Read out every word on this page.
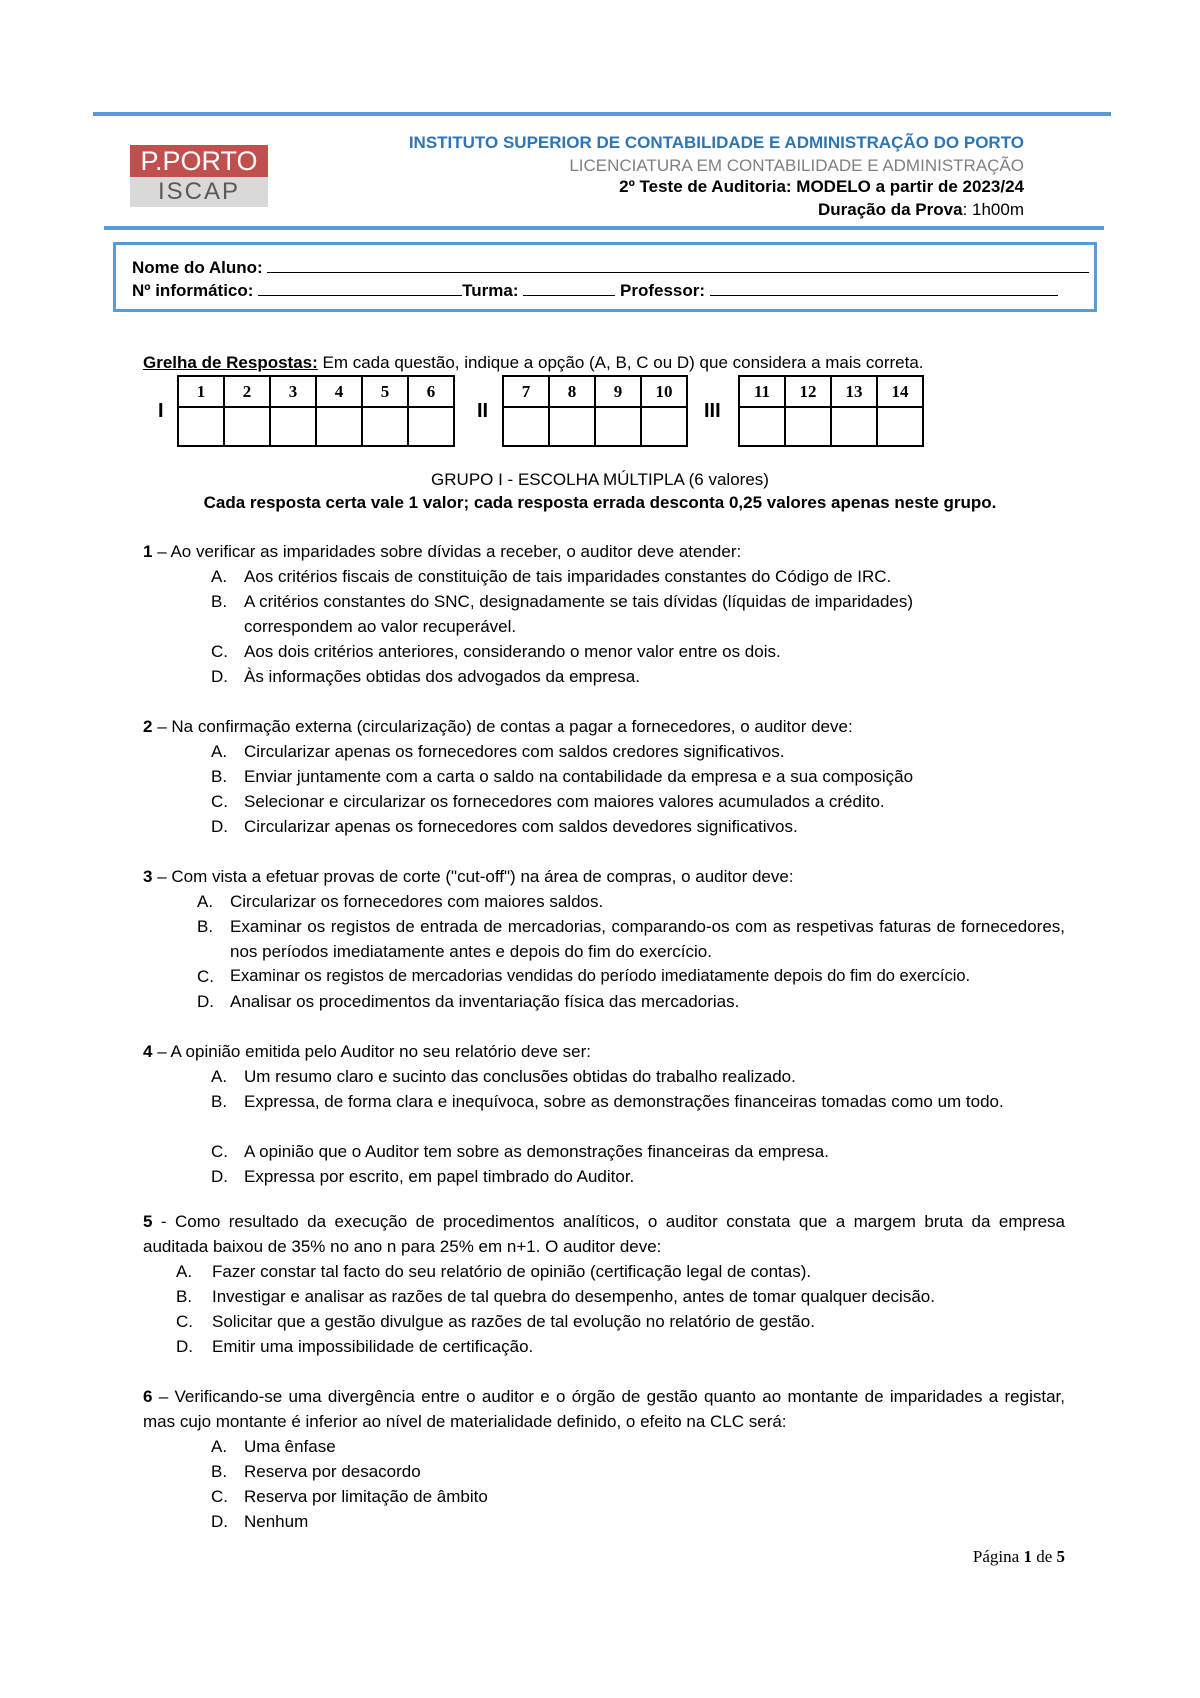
P.PORTO
ISCAP
INSTITUTO SUPERIOR DE CONTABILIDADE E ADMINISTRAÇÃO DO PORTO
LICENCIATURA EM CONTABILIDADE E ADMINISTRAÇÃO
2º Teste de Auditoria: MODELO a partir de 2023/24
Duração da Prova: 1h00m
Nome do Aluno:
Nº informático:	Turma:	Professor:
Grelha de Respostas: Em cada questão, indique a opção (A, B, C ou D) que considera a mais correta.
I
1	2	3	4	5	6

II
7	8	9	10

III
11	12	13	14

GRUPO I - ESCOLHA MÚLTIPLA (6 valores)
Cada resposta certa vale 1 valor; cada resposta errada desconta 0,25 valores apenas neste grupo.
1 – Ao verificar as imparidades sobre dívidas a receber, o auditor deve atender:
A. Aos critérios fiscais de constituição de tais imparidades constantes do Código de IRC.
B. A critérios constantes do SNC, designadamente se tais dívidas (líquidas de imparidades) correspondem ao valor recuperável.
C. Aos dois critérios anteriores, considerando o menor valor entre os dois.
D. Às informações obtidas dos advogados da empresa.
2 – Na confirmação externa (circularização) de contas a pagar a fornecedores, o auditor deve:
A. Circularizar apenas os fornecedores com saldos credores significativos.
B. Enviar juntamente com a carta o saldo na contabilidade da empresa e a sua composição
C. Selecionar e circularizar os fornecedores com maiores valores acumulados a crédito.
D. Circularizar apenas os fornecedores com saldos devedores significativos.
3 – Com vista a efetuar provas de corte ("cut-off") na área de compras, o auditor deve:
A. Circularizar os fornecedores com maiores saldos.
B. Examinar os registos de entrada de mercadorias, comparando-os com as respetivas faturas de fornecedores, nos períodos imediatamente antes e depois do fim do exercício.
C. Examinar os registos de mercadorias vendidas do período imediatamente depois do fim do exercício.
D. Analisar os procedimentos da inventariação física das mercadorias.
4 – A opinião emitida pelo Auditor no seu relatório deve ser:
A. Um resumo claro e sucinto das conclusões obtidas do trabalho realizado.
B. Expressa, de forma clara e inequívoca, sobre as demonstrações financeiras tomadas como um todo.
C. A opinião que o Auditor tem sobre as demonstrações financeiras da empresa.
D. Expressa por escrito, em papel timbrado do Auditor.
5 - Como resultado da execução de procedimentos analíticos, o auditor constata que a margem bruta da empresa auditada baixou de 35% no ano n para 25% em n+1. O auditor deve:
A. Fazer constar tal facto do seu relatório de opinião (certificação legal de contas).
B. Investigar e analisar as razões de tal quebra do desempenho, antes de tomar qualquer decisão.
C. Solicitar que a gestão divulgue as razões de tal evolução no relatório de gestão.
D. Emitir uma impossibilidade de certificação.
6 – Verificando-se uma divergência entre o auditor e o órgão de gestão quanto ao montante de imparidades a registar, mas cujo montante é inferior ao nível de materialidade definido, o efeito na CLC será:
A. Uma ênfase
B. Reserva por desacordo
C. Reserva por limitação de âmbito
D. Nenhum
Página 1 de 5
